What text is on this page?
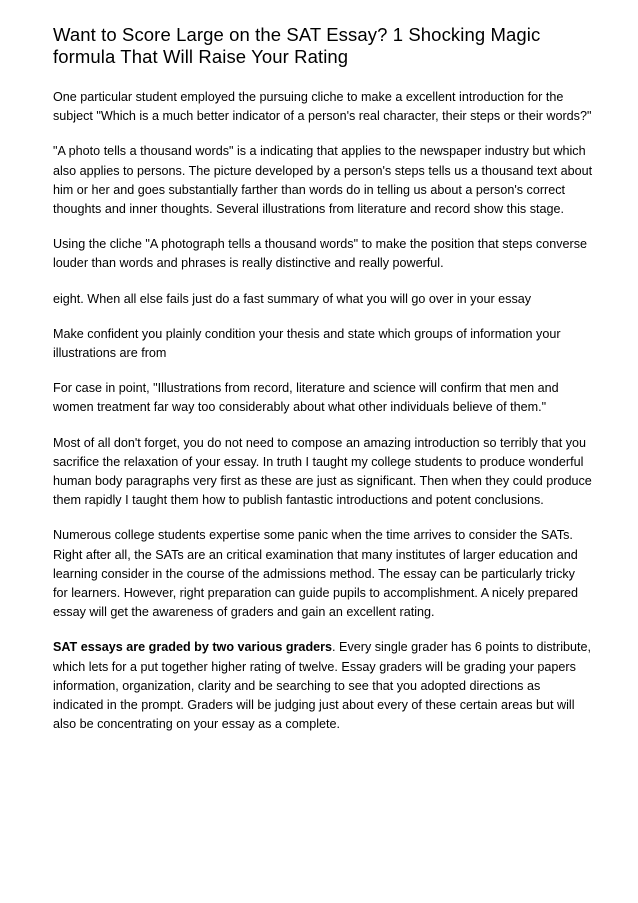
Want to Score Large on the SAT Essay? 1 Shocking Magic formula That Will Raise Your Rating

One particular student employed the pursuing cliche to make a excellent introduction for the subject "Which is a much better indicator of a person's real character, their steps or their words?"

"A photo tells a thousand words" is a indicating that applies to the newspaper industry but which also applies to persons. The picture developed by a person's steps tells us a thousand text about him or her and goes substantially farther than words do in telling us about a person's correct thoughts and inner thoughts. Several illustrations from literature and record show this stage.

Using the cliche "A photograph tells a thousand words" to make the position that steps converse louder than words and phrases is really distinctive and really powerful.

eight. When all else fails just do a fast summary of what you will go over in your essay

Make confident you plainly condition your thesis and state which groups of information your illustrations are from

For case in point, "Illustrations from record, literature and science will confirm that men and women treatment far way too considerably about what other individuals believe of them."

Most of all don't forget, you do not need to compose an amazing introduction so terribly that you sacrifice the relaxation of your essay. In truth I taught my college students to produce wonderful human body paragraphs very first as these are just as significant. Then when they could produce them rapidly I taught them how to publish fantastic introductions and potent conclusions.

Numerous college students expertise some panic when the time arrives to consider the SATs. Right after all, the SATs are an critical examination that many institutes of larger education and learning consider in the course of the admissions method. The essay can be particularly tricky for learners. However, right preparation can guide pupils to accomplishment. A nicely prepared essay will get the awareness of graders and gain an excellent rating.

SAT essays are graded by two various graders. Every single grader has 6 points to distribute, which lets for a put together higher rating of twelve. Essay graders will be grading your papers information, organization, clarity and be searching to see that you adopted directions as indicated in the prompt. Graders will be judging just about every of these certain areas but will also be concentrating on your essay as a complete.
